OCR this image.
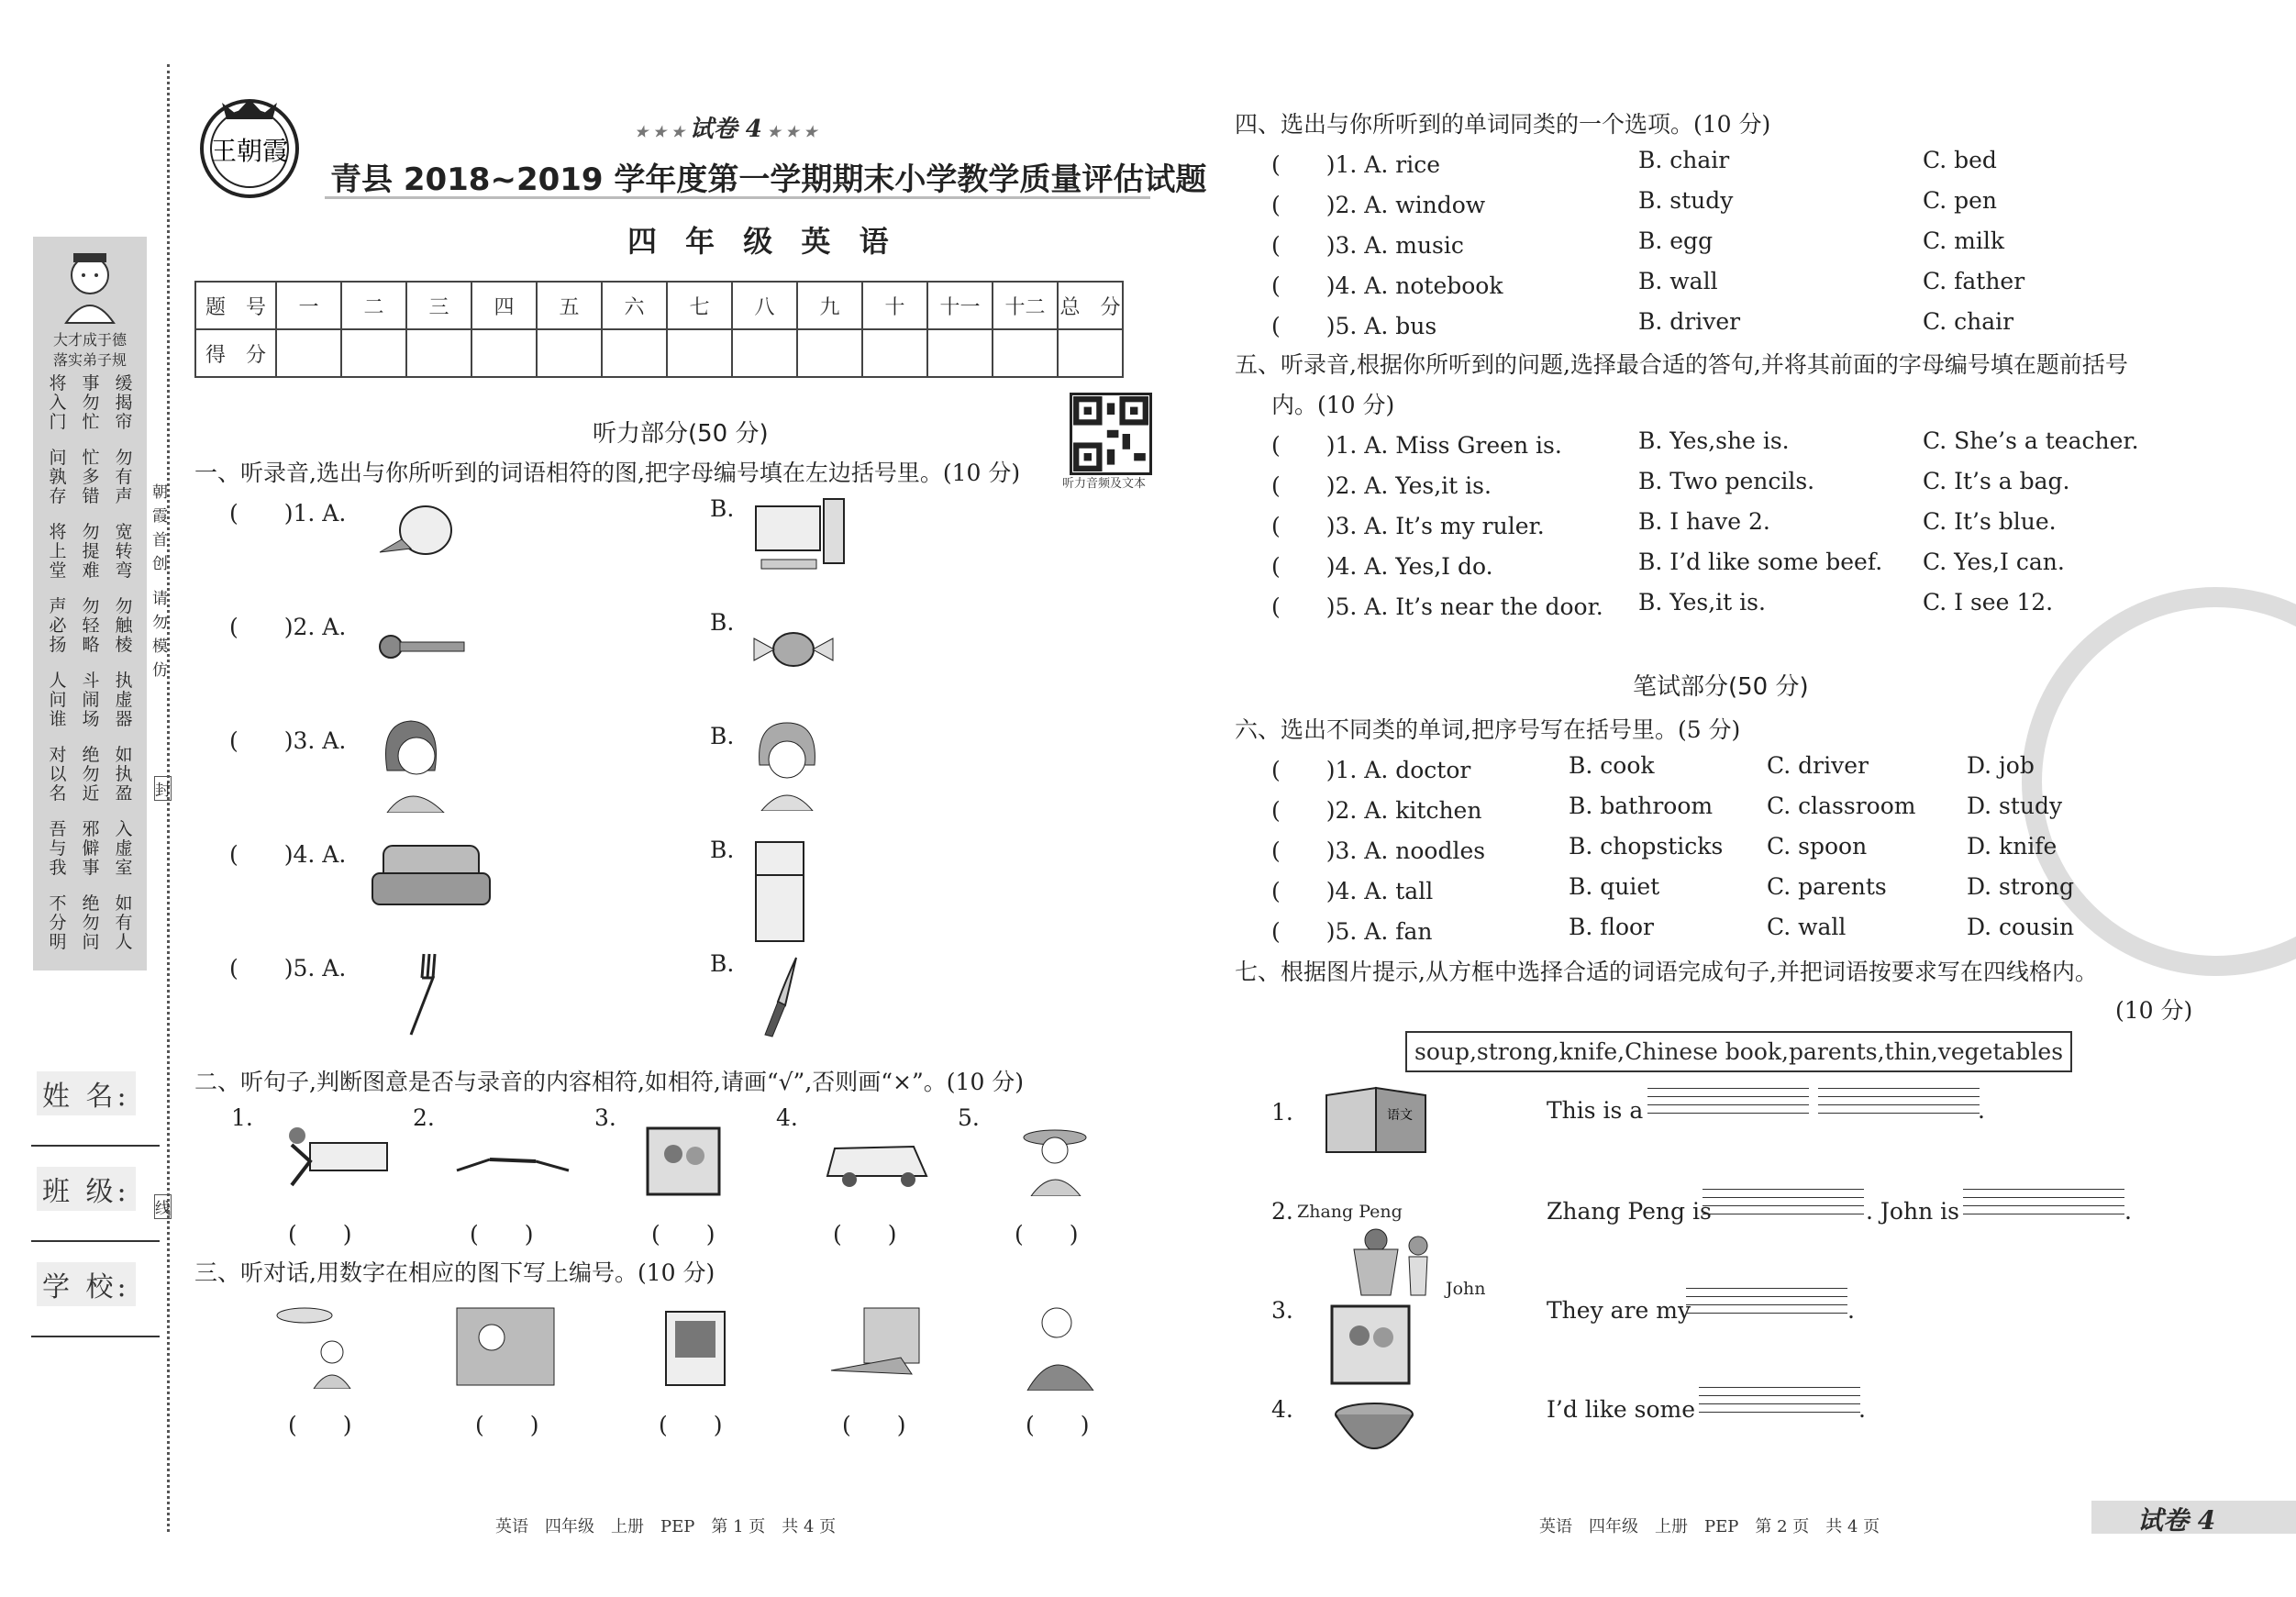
大才成于德
落实弟子规
将入门
事勿忙
缓揭帘
问孰存
忙多错
勿有声
将上堂
勿提难
宽转弯
声必扬
勿轻略
勿触棱
人问谁
斗闹场
执虚器
对以名
绝勿近
如执盈
吾与我
邪僻事
入虚室
不分明
绝勿问
如有人
朝霞首创
请勿模仿
封
线
姓 名:
班 级:
学 校:
王朝霞
★ ★ ★ 试卷 4 ★ ★ ★
青县 2018~2019 学年度第一学期期末小学教学质量评估试题
四 年 级 英 语
题　号	一	二	三	四	五	六	七	八	九	十	十一	十二	总　分
得　分													
听力部分(50 分)
听力音频及文本
一、听录音,选出与你所听到的词语相符的图,把字母编号填在左边括号里。(10 分)
(　　)1. A.	B.
(　　)2. A.	B.
(　　)3. A.	B.
(　　)4. A.	B.
(　　)5. A.	B.
二、听句子,判断图意是否与录音的内容相符,如相符,请画“√”,否则画“×”。(10 分)
1.
(　　)
2.
(　　)
3.
(　　)
4.
(　　)
5.
(　　)
三、听对话,用数字在相应的图下写上编号。(10 分)
(　　)	(　　)	(　　)	(　　)	(　　)
英语　四年级　上册　PEP　第 1 页　共 4 页
四、选出与你所听到的单词同类的一个选项。(10 分)
(　　)1. A. rice	B. chair	C. bed
(　　)2. A. window	B. study	C. pen
(　　)3. A. music	B. egg	C. milk
(　　)4. A. notebook	B. wall	C. father
(　　)5. A. bus	B. driver	C. chair
五、听录音,根据你所听到的问题,选择最合适的答句,并将其前面的字母编号填在题前括号
内。(10 分)
(　　)1. A. Miss Green is.	B. Yes,she is.	C. She’s a teacher.
(　　)2. A. Yes,it is.	B. Two pencils.	C. It’s a bag.
(　　)3. A. It’s my ruler.	B. I have 2.	C. It’s blue.
(　　)4. A. Yes,I do.	B. I’d like some beef. C. Yes,I can.
(　　)5. A. It’s near the door. B. Yes,it is.	C. I see 12.
笔试部分(50 分)
六、选出不同类的单词,把序号写在括号里。(5 分)
(　　)1. A. doctor	B. cook	C. driver	D. job
(　　)2. A. kitchen	B. bathroom C. classroom D. study
(　　)3. A. noodles	B. chopsticks C. spoon	D. knife
(　　)4. A. tall	B. quiet	C. parents	D. strong
(　　)5. A. fan	B. floor	C. wall	D. cousin
七、根据图片提示,从方框中选择合适的词语完成句子,并把词语按要求写在四线格内。
(10 分)
soup,strong,knife,Chinese book,parents,thin,vegetables
1.	语文	This is a	.
2. Zhang Peng
John
Zhang Peng is	. John is	.
3.	They are my	.
4.	I’d like some	.
英语　四年级　上册　PEP　第 2 页　共 4 页	试卷 4
